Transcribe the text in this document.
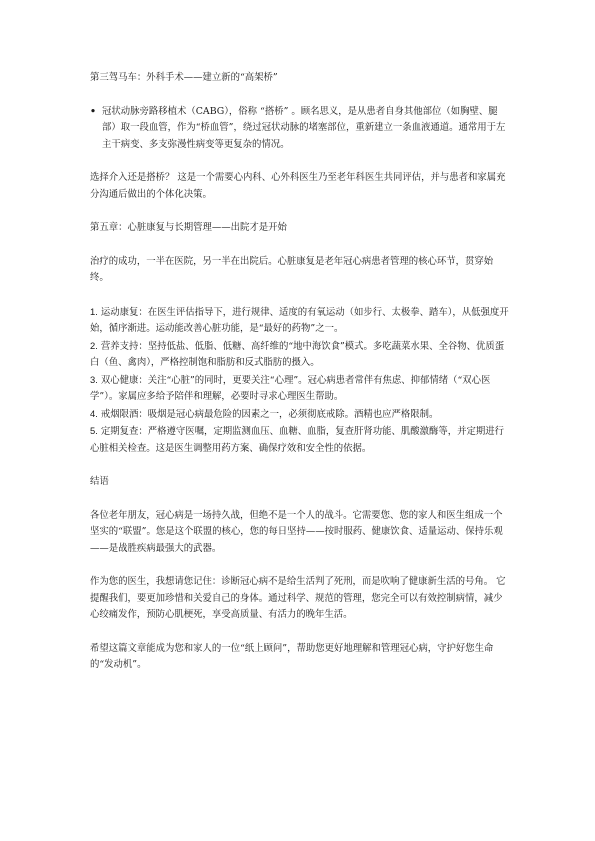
第三驾马车：外科手术——建立新的“高架桥”

• 冠状动脉旁路移植术（CABG），俗称 “搭桥” 。顾名思义，是从患者自身其他部位（如胸壁、腿部）取一段血管，作为“桥血管”，绕过冠状动脉的堵塞部位，重新建立一条血液通道。通常用于左主干病变、多支弥漫性病变等更复杂的情况。

选择介入还是搭桥？ 这是一个需要心内科、心外科医生乃至老年科医生共同评估，并与患者和家属充分沟通后做出的个体化决策。

第五章：心脏康复与长期管理——出院才是开始

治疗的成功，一半在医院，另一半在出院后。心脏康复是老年冠心病患者管理的核心环节，贯穿始终。

1. 运动康复：在医生评估指导下，进行规律、适度的有氧运动（如步行、太极拳、踏车），从低强度开始，循序渐进。运动能改善心脏功能，是“最好的药物”之一。
2. 营养支持：坚持低盐、低脂、低糖、高纤维的“地中海饮食”模式。多吃蔬菜水果、全谷物、优质蛋白（鱼、禽肉），严格控制饱和脂肪和反式脂肪的摄入。
3. 双心健康：关注“心脏”的同时，更要关注“心理”。冠心病患者常伴有焦虑、抑郁情绪（“双心医学”）。家属应多给予陪伴和理解，必要时寻求心理医生帮助。
4. 戒烟限酒：吸烟是冠心病最危险的因素之一，必须彻底戒除。酒精也应严格限制。
5. 定期复查：严格遵守医嘱，定期监测血压、血糖、血脂，复查肝肾功能、肌酸激酶等，并定期进行心脏相关检查。这是医生调整用药方案、确保疗效和安全性的依据。

结语

各位老年朋友，冠心病是一场持久战，但绝不是一个人的战斗。它需要您、您的家人和医生组成一个坚实的“联盟”。您是这个联盟的核心，您的每日坚持——按时服药、健康饮食、适量运动、保持乐观——是战胜疾病最强大的武器。

作为您的医生，我想请您记住：诊断冠心病不是给生活判了死刑，而是吹响了健康新生活的号角。 它提醒我们，要更加珍惜和关爱自己的身体。通过科学、规范的管理，您完全可以有效控制病情，减少心绞痛发作，预防心肌梗死，享受高质量、有活力的晚年生活。

希望这篇文章能成为您和家人的一位“纸上顾问”，帮助您更好地理解和管理冠心病，守护好您生命的“发动机”。
